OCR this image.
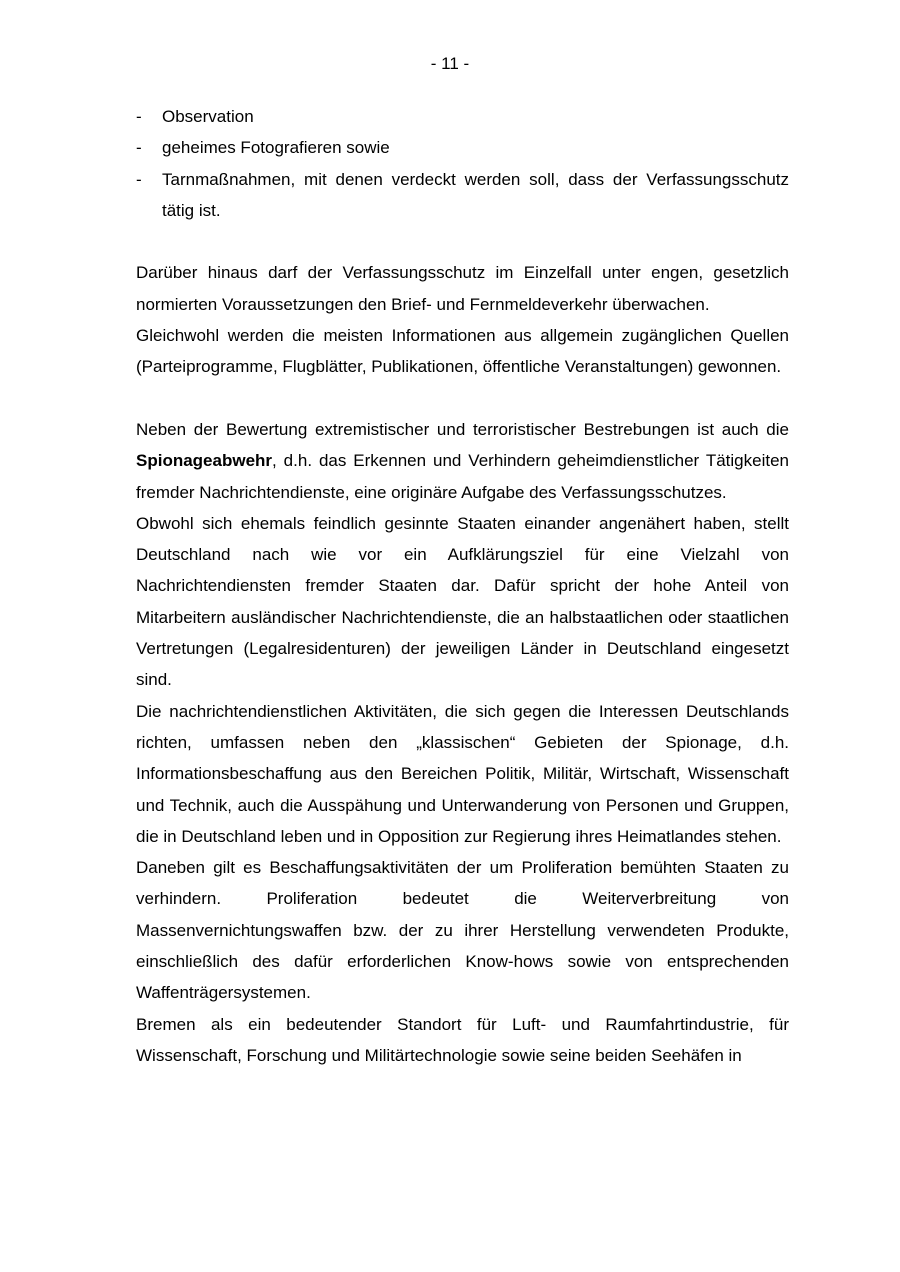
- 11 -
- Observation
- geheimes Fotografieren sowie
- Tarnmaßnahmen, mit denen verdeckt werden soll, dass der Verfassungsschutz tätig ist.

Darüber hinaus darf der Verfassungsschutz im Einzelfall unter engen, gesetzlich normierten Voraussetzungen den Brief- und Fernmeldeverkehr überwachen.

Gleichwohl werden die meisten Informationen aus allgemein zugänglichen Quellen (Parteiprogramme, Flugblätter, Publikationen, öffentliche Veranstaltungen) gewonnen.

Neben der Bewertung extremistischer und terroristischer Bestrebungen ist auch die Spionageabwehr, d.h. das Erkennen und Verhindern geheimdienstlicher Tätigkeiten fremder Nachrichtendienste, eine originäre Aufgabe des Verfassungsschutzes.

Obwohl sich ehemals feindlich gesinnte Staaten einander angenähert haben, stellt Deutschland nach wie vor ein Aufklärungsziel für eine Vielzahl von Nachrichtendiensten fremder Staaten dar. Dafür spricht der hohe Anteil von Mitarbeitern ausländischer Nachrichtendienste, die an halbstaatlichen oder staatlichen Vertretungen (Legalresidenturen) der jeweiligen Länder in Deutschland eingesetzt sind.

Die nachrichtendienstlichen Aktivitäten, die sich gegen die Interessen Deutschlands richten, umfassen neben den „klassischen“ Gebieten der Spionage, d.h. Informationsbeschaffung aus den Bereichen Politik, Militär, Wirtschaft, Wissenschaft und Technik, auch die Ausspähung und Unterwanderung von Personen und Gruppen, die in Deutschland leben und in Opposition zur Regierung ihres Heimatlandes stehen.

Daneben gilt es Beschaffungsaktivitäten der um Proliferation bemühten Staaten zu verhindern. Proliferation bedeutet die Weiterverbreitung von Massenvernichtungswaffen bzw. der zu ihrer Herstellung verwendeten Produkte, einschließlich des dafür erforderlichen Know-hows sowie von entsprechenden Waffenträgersystemen.

Bremen als ein bedeutender Standort für Luft- und Raumfahrtindustrie, für Wissenschaft, Forschung und Militärtechnologie sowie seine beiden Seehäfen in
